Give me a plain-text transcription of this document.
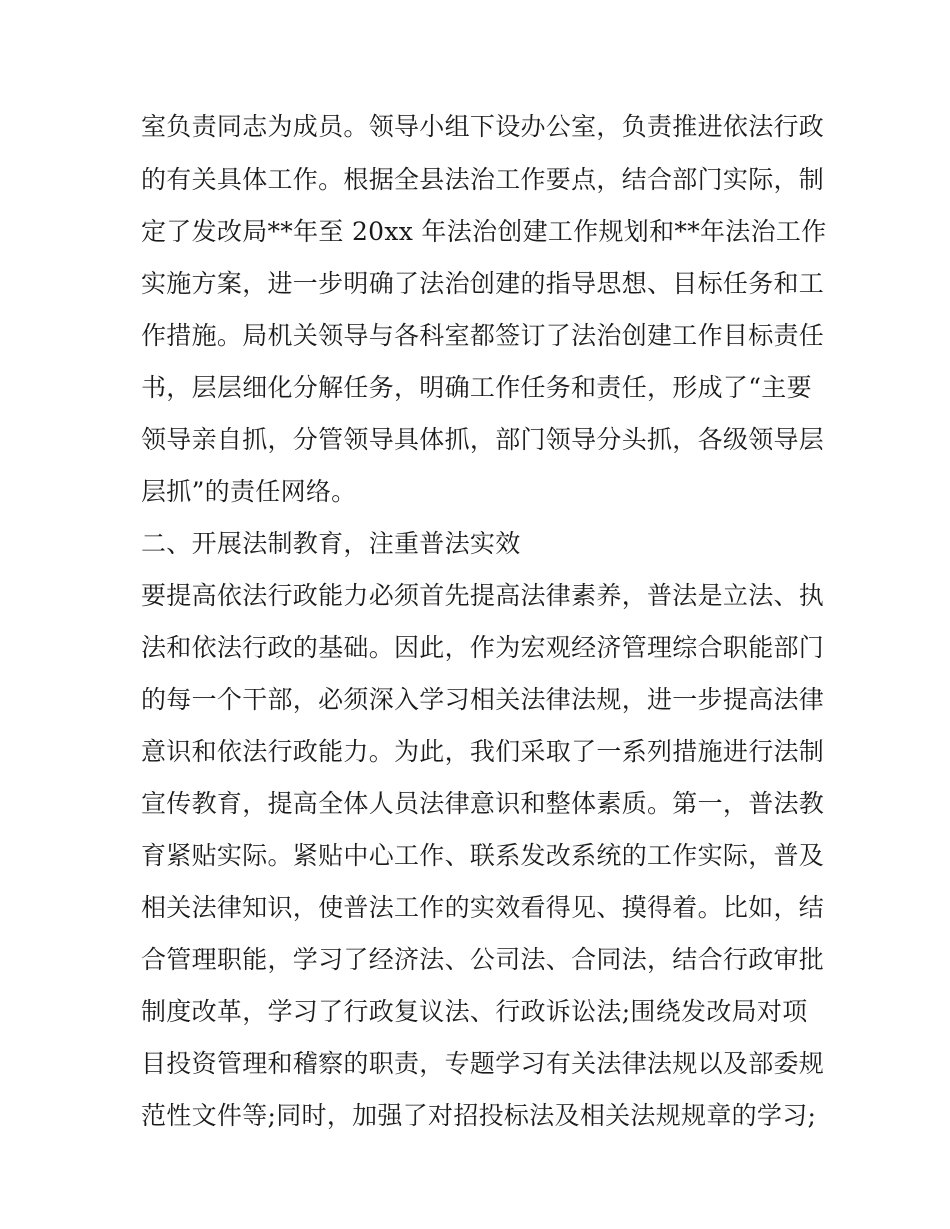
室负责同志为成员。领导小组下设办公室，负责推进依法行政
的有关具体工作。根据全县法治工作要点，结合部门实际，制
定了发改局**年至 20xx 年法治创建工作规划和**年法治工作
实施方案，进一步明确了法治创建的指导思想、目标任务和工
作措施。局机关领导与各科室都签订了法治创建工作目标责任
书，层层细化分解任务，明确工作任务和责任，形成了“主要
领导亲自抓，分管领导具体抓，部门领导分头抓，各级领导层
层抓”的责任网络。
二、开展法制教育，注重普法实效
要提高依法行政能力必须首先提高法律素养，普法是立法、执
法和依法行政的基础。因此，作为宏观经济管理综合职能部门
的每一个干部，必须深入学习相关法律法规，进一步提高法律
意识和依法行政能力。为此，我们采取了一系列措施进行法制
宣传教育，提高全体人员法律意识和整体素质。第一，普法教
育紧贴实际。紧贴中心工作、联系发改系统的工作实际，普及
相关法律知识，使普法工作的实效看得见、摸得着。比如，结
合管理职能，学习了经济法、公司法、合同法，结合行政审批
制度改革，学习了行政复议法、行政诉讼法;围绕发改局对项
目投资管理和稽察的职责，专题学习有关法律法规以及部委规
范性文件等;同时，加强了对招投标法及相关法规规章的学习;
